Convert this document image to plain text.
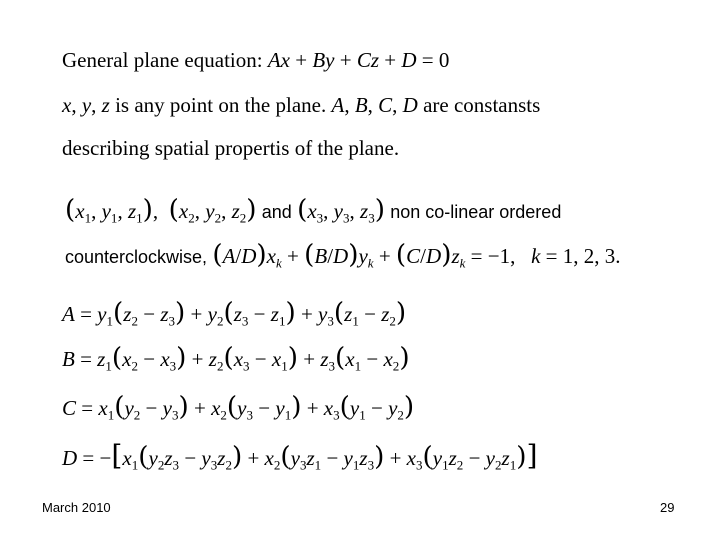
General plane equation: Ax + By + Cz + D = 0
x, y, z is any point on the plane. A, B, C, D are constansts
describing spatial propertis of the plane.
($x_1$, $y_1$, $z_1$),  ($x_2$, $y_2$, $z_2$) and ($x_3$, $y_3$, $z_3$) non co-linear ordered
counterclockwise, $(A/D)x_k + (B/D)y_k + (C/D)z_k = -1$,   k = 1, 2, 3.
$A = y_1(z_2 - z_3) + y_2(z_3 - z_1) + y_3(z_1 - z_2)$
$B = z_1(x_2 - x_3) + z_2(x_3 - x_1) + z_3(x_1 - x_2)$
$C = x_1(y_2 - y_3) + x_2(y_3 - y_1) + x_3(y_1 - y_2)$
$D = -[x_1(y_2z_3 - y_3z_2) + x_2(y_3z_1 - y_1z_3) + x_3(y_1z_2 - y_2z_1)]$
March 2010	29
